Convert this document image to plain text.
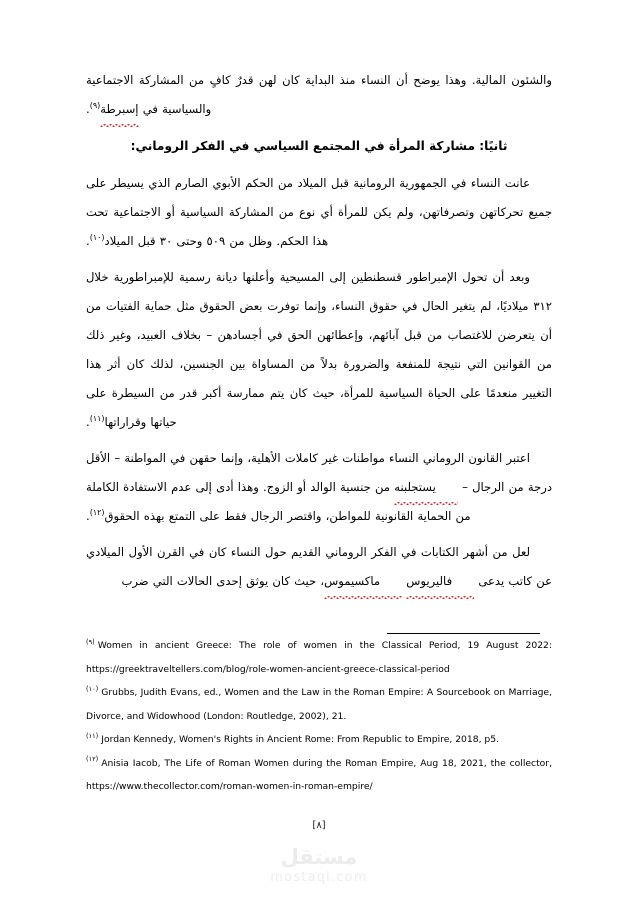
والشئون المالية. وهذا يوضح أن النساء منذ البداية كان لهن قدرٌ كافٍ من المشاركة الاجتماعية والسياسية في إسبرطة$^{(٩)}$.

ثانيًا: مشاركة المرأة في المجتمع السياسي في الفكر الروماني:

عانت النساء في الجمهورية الرومانية قبل الميلاد من الحكم الأبوي الصارم الذي يسيطر على جميع تحركاتهن وتصرفاتهن، ولم يكن للمرأة أي نوع من المشاركة السياسية أو الاجتماعية تحت هذا الحكم. وظل من ٥٠٩ وحتى ٣٠ قبل الميلاد$^{(١٠)}$.

وبعد أن تحول الإمبراطور قسطنطين إلى المسيحية وأعلنها ديانة رسمية للإمبراطورية خلال ٣١٢ ميلاديًا، لم يتغير الحال في حقوق النساء، وإنما توفرت بعض الحقوق مثل حماية الفتيات من أن يتعرضن للاغتصاب من قبل آبائهم، وإعطائهن الحق في أجسادهن – بخلاف العبيد، وغير ذلك من القوانين التي نتيجة للمنفعة والضرورة بدلاً من المساواة بين الجنسين، لذلك كان أثر هذا التغيير منعدمًا على الحياة السياسية للمرأة، حيث كان يتم ممارسة أكبر قدر من السيطرة على حياتها وقراراتها$^{(١١)}$.

اعتبر القانون الروماني النساء مواطنات غير كاملات الأهلية، وإنما حقهن في المواطنة – الأقل درجة من الرجال – يستجلبنه من جنسية الوالد أو الزوج. وهذا أدى إلى عدم الاستفادة الكاملة من الحماية القانونية للمواطن، واقتصر الرجال فقط على التمتع بهذه الحقوق$^{(١٢)}$.

لعل من أشهر الكتابات في الفكر الروماني القديم حول النساء كان في القرن الأول الميلادي عن كاتب يدعى فاليريوس ماكسيموس، حيث كان يوثق إحدى الحالات التي ضرب

$^{(٩)}$ Women in ancient Greece: The role of women in the Classical Period, 19 August 2022: https://greektraveltellers.com/blog/role-women-ancient-greece-classical-period

$^{(١٠)}$ Grubbs, Judith Evans, ed., Women and the Law in the Roman Empire: A Sourcebook on Marriage, Divorce, and Widowhood (London: Routledge, 2002), 21.

$^{(١١)}$ Jordan Kennedy, Women's Rights in Ancient Rome: From Republic to Empire, 2018, p5.

$^{(١٢)}$ Anisia Iacob, The Life of Roman Women during the Roman Empire, Aug 18, 2021, the collector, https://www.thecollector.com/roman-women-in-roman-empire/

[٨]
مستقل
mostaql.com
